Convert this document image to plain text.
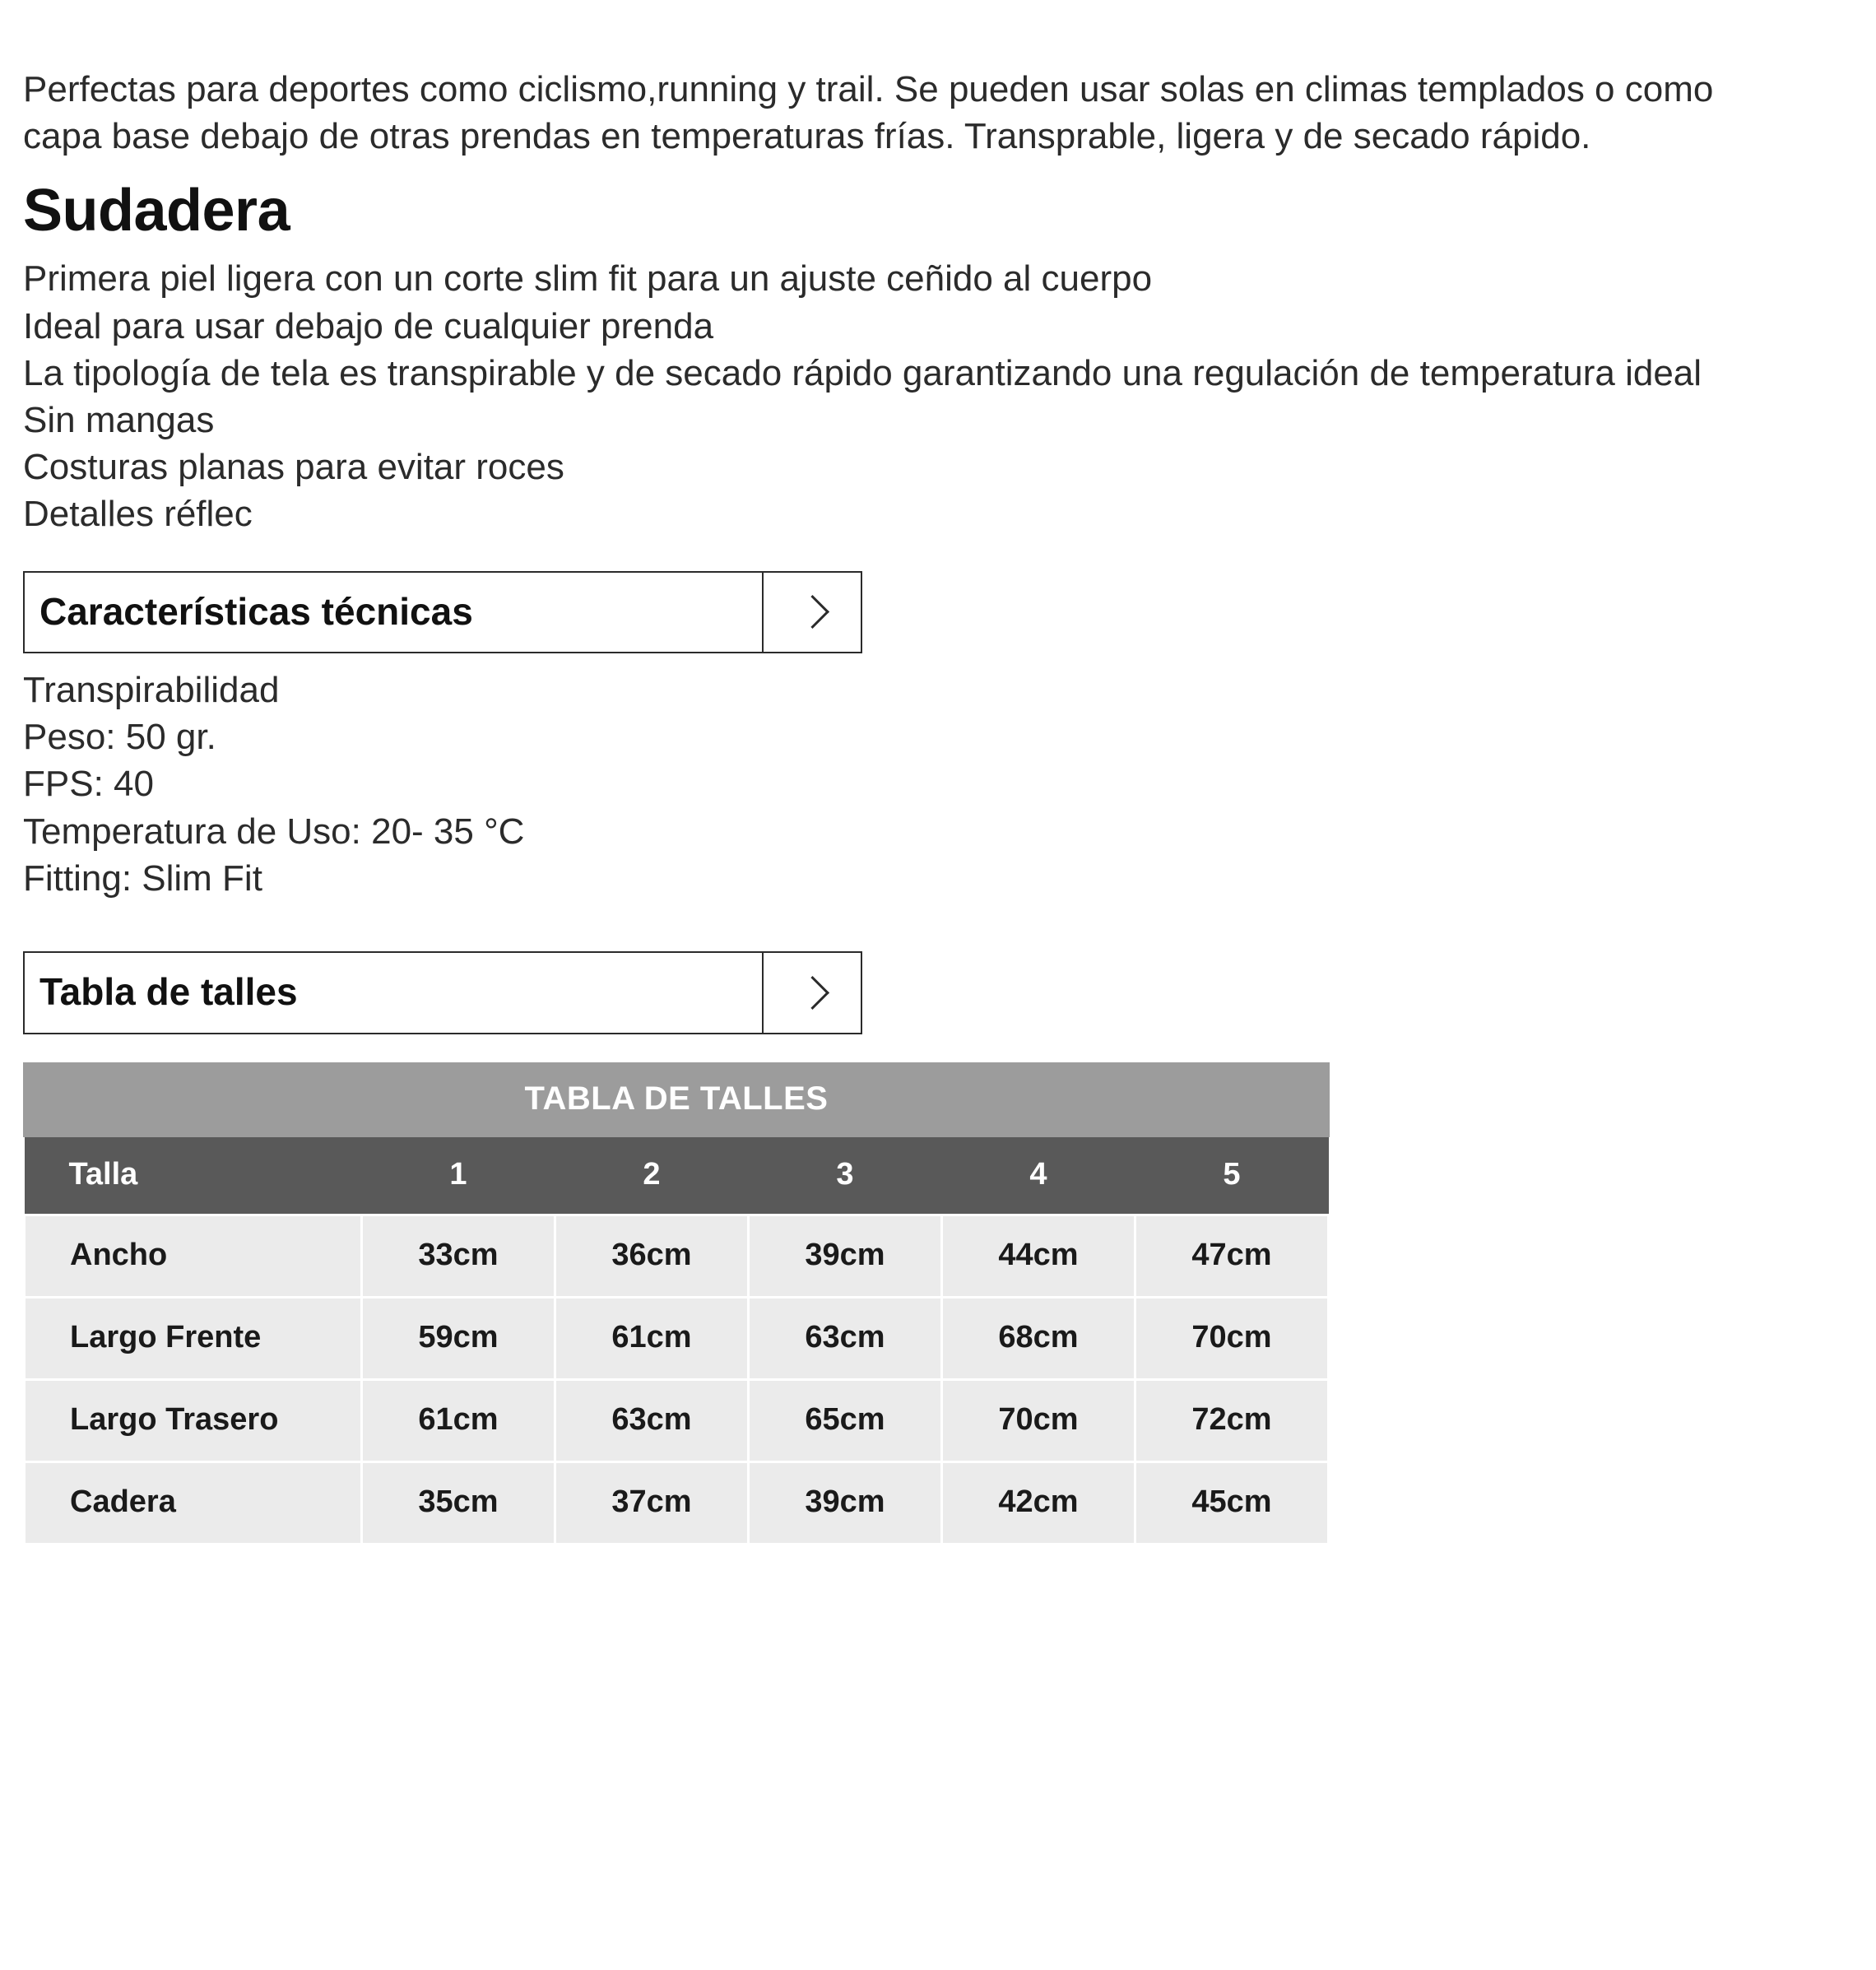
Perfectas para deportes como ciclismo,running y trail. Se pueden usar solas en climas templados o como capa base debajo de otras prendas en temperaturas frías. Transprable, ligera y de secado rápido.

Sudadera
Primera piel ligera con un corte slim fit para un ajuste ceñido al cuerpo
Ideal para usar debajo de cualquier prenda
La tipología de tela es transpirable y de secado rápido garantizando una regulación de temperatura ideal
Sin mangas
Costuras planas para evitar roces
Detalles réflec
Características técnicas
Transpirabilidad
Peso: 50 gr.
FPS: 40
Temperatura de Uso: 20- 35 °C
Fitting: Slim Fit
Tabla de talles
TABLA DE TALLES
Talla	1	2	3	4	5
Ancho	33cm	36cm	39cm	44cm	47cm
Largo Frente	59cm	61cm	63cm	68cm	70cm
Largo Trasero	61cm	63cm	65cm	70cm	72cm
Cadera	35cm	37cm	39cm	42cm	45cm
